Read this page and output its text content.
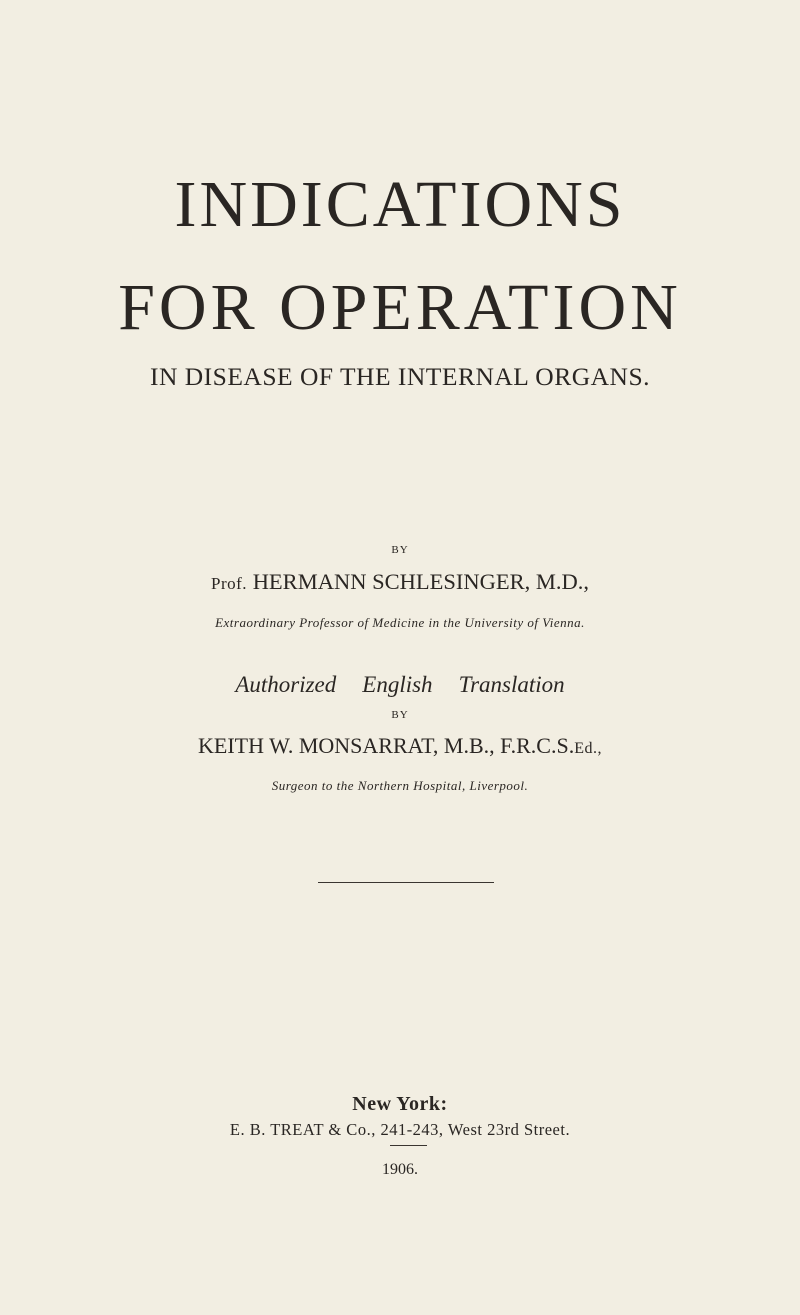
INDICATIONS
FOR OPERATION
IN DISEASE OF THE INTERNAL ORGANS.
BY
Prof. HERMANN SCHLESINGER, M.D.,
Extraordinary Professor of Medicine in the University of Vienna.
Authorized English Translation
BY
KEITH W. MONSARRAT, M.B., F.R.C.S.Ed.,
Surgeon to the Northern Hospital, Liverpool.
New York:
E. B. TREAT & Co., 241-243, West 23rd Street.
1906.
